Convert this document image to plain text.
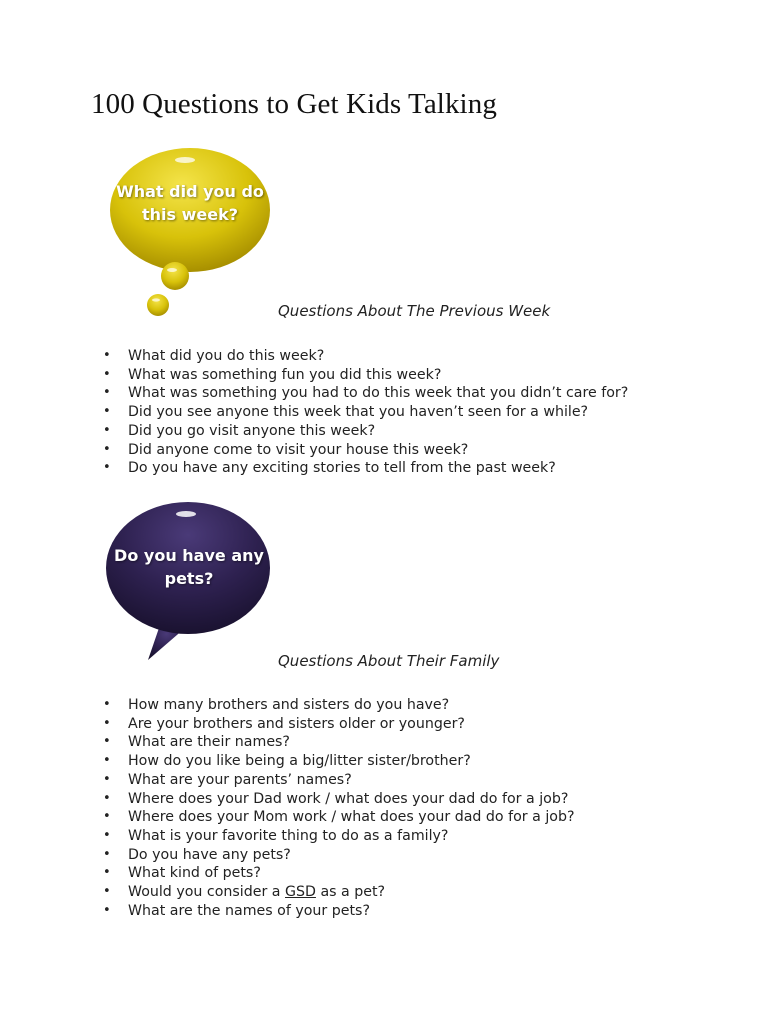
100 Questions to Get Kids Talking
What did you do this week?
Questions About The Previous Week
• What did you do this week?
• What was something fun you did this week?
• What was something you had to do this week that you didn’t care for?
• Did you see anyone this week that you haven’t seen for a while?
• Did you go visit anyone this week?
• Did anyone come to visit your house this week?
• Do you have any exciting stories to tell from the past week?
Do you have any pets?
Questions About Their Family
• How many brothers and sisters do you have?
• Are your brothers and sisters older or younger?
• What are their names?
• How do you like being a big/litter sister/brother?
• What are your parents’ names?
• Where does your Dad work / what does your dad do for a job?
• Where does your Mom work / what does your dad do for a job?
• What is your favorite thing to do as a family?
• Do you have any pets?
• What kind of pets?
• Would you consider a GSD as a pet?
• What are the names of your pets?
